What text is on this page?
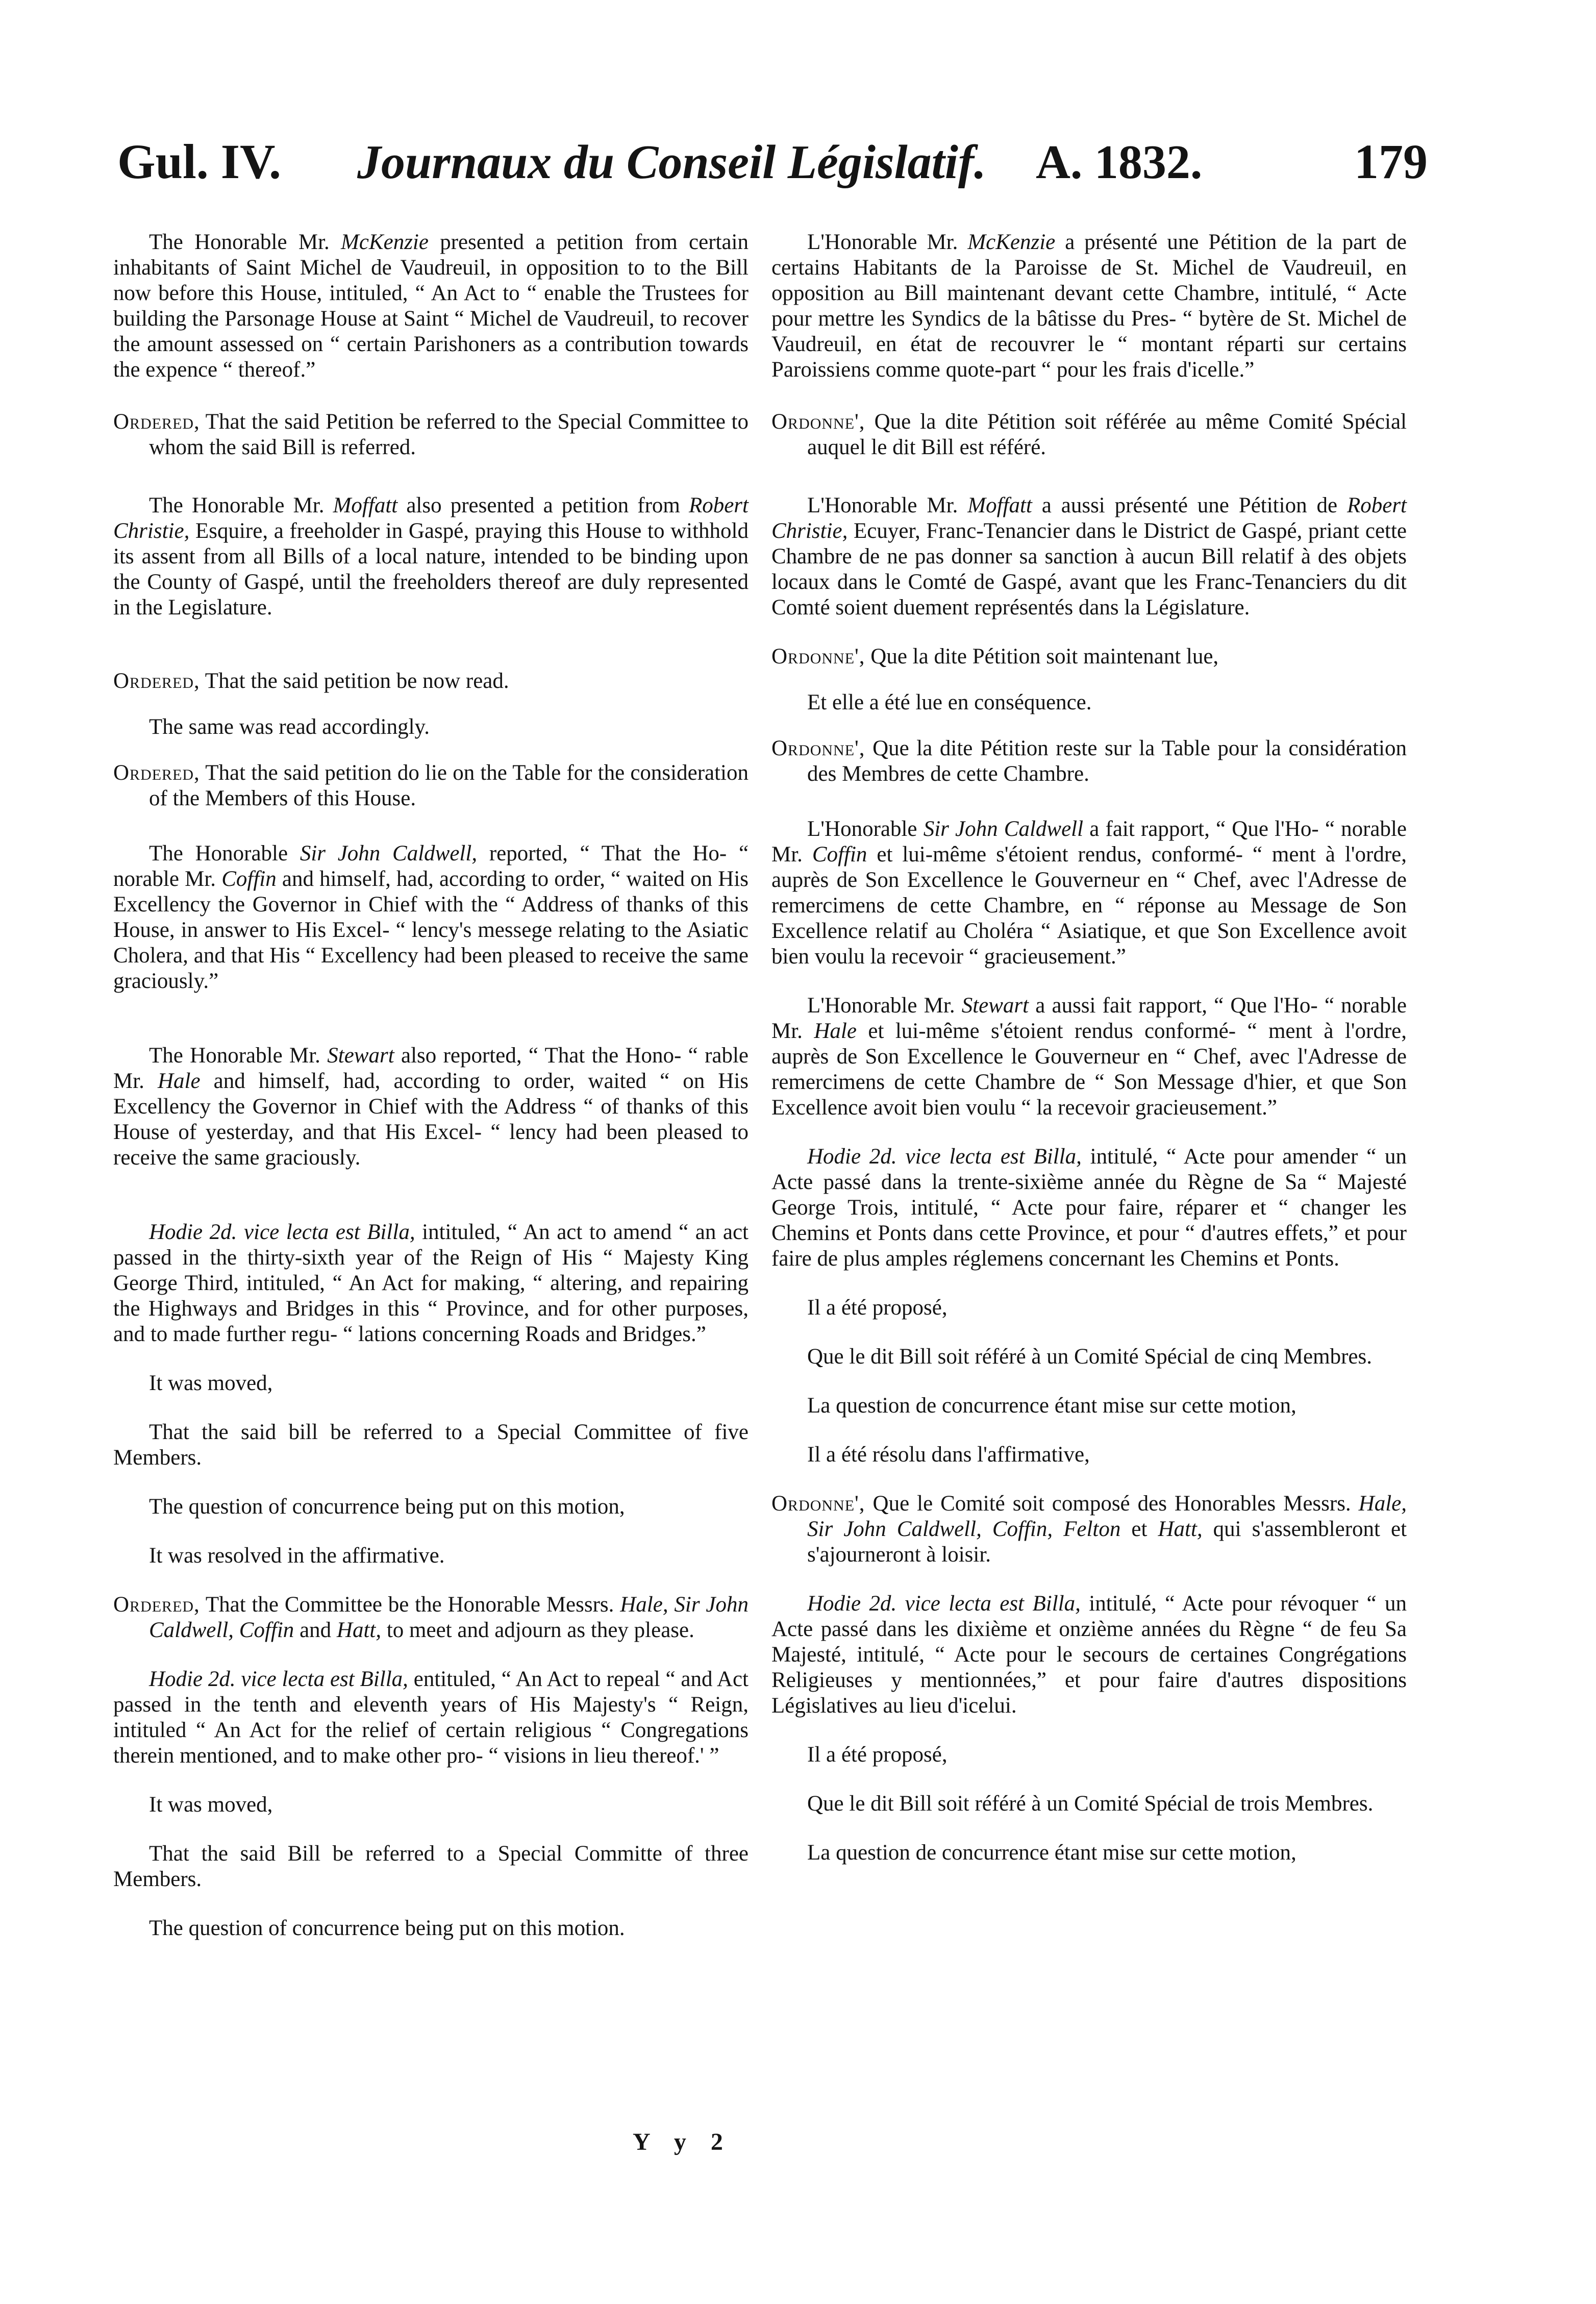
Gul. IV. Journaux du Conseil Législatif. A. 1832.	179

The Honorable Mr. McKenzie presented a petition from certain inhabitants of Saint Michel de Vaudreuil, in opposition to to the Bill now before this House, intituled, “ An Act to “ enable the Trustees for building the Parsonage House at Saint “ Michel de Vaudreuil, to recover the amount assessed on “ certain Parishoners as a contribution towards the expence “ thereof.”

Ordered, That the said Petition be referred to the Special Committee to whom the said Bill is referred.

The Honorable Mr. Moffatt also presented a petition from Robert Christie, Esquire, a freeholder in Gaspé, praying this House to withhold its assent from all Bills of a local nature, intended to be binding upon the County of Gaspé, until the freeholders thereof are duly represented in the Legislature.

Ordered, That the said petition be now read.

The same was read accordingly.

Ordered, That the said petition do lie on the Table for the consideration of the Members of this House.

The Honorable Sir John Caldwell, reported, “ That the Ho- “ norable Mr. Coffin and himself, had, according to order, “ waited on His Excellency the Governor in Chief with the “ Address of thanks of this House, in answer to His Excel- “ lency's messege relating to the Asiatic Cholera, and that His “ Excellency had been pleased to receive the same graciously.”

The Honorable Mr. Stewart also reported, “ That the Hono- “ rable Mr. Hale and himself, had, according to order, waited “ on His Excellency the Governor in Chief with the Address “ of thanks of this House of yesterday, and that His Excel- “ lency had been pleased to receive the same graciously.

Hodie 2d. vice lecta est Billa, intituled, “ An act to amend “ an act passed in the thirty-sixth year of the Reign of His “ Majesty King George Third, intituled, “ An Act for making, “ altering, and repairing the Highways and Bridges in this “ Province, and for other purposes, and to made further regu- “ lations concerning Roads and Bridges.”

It was moved,

That the said bill be referred to a Special Committee of five Members.

The question of concurrence being put on this motion,

It was resolved in the affirmative.

Ordered, That the Committee be the Honorable Messrs. Hale, Sir John Caldwell, Coffin and Hatt, to meet and adjourn as they please.

Hodie 2d. vice lecta est Billa, entituled, “ An Act to repeal “ and Act passed in the tenth and eleventh years of His Majesty's “ Reign, intituled “ An Act for the relief of certain religious “ Congregations therein mentioned, and to make other pro- “ visions in lieu thereof.' ”

It was moved,

That the said Bill be referred to a Special Committe of three Members.

The question of concurrence being put on this motion.

L'Honorable Mr. McKenzie a présenté une Pétition de la part de certains Habitants de la Paroisse de St. Michel de Vaudreuil, en opposition au Bill maintenant devant cette Chambre, intitulé, “ Acte pour mettre les Syndics de la bâtisse du Pres- “ bytère de St. Michel de Vaudreuil, en état de recouvrer le “ montant réparti sur certains Paroissiens comme quote-part “ pour les frais d'icelle.”

Ordonne', Que la dite Pétition soit référée au même Comité Spécial auquel le dit Bill est référé.

L'Honorable Mr. Moffatt a aussi présenté une Pétition de Robert Christie, Ecuyer, Franc-Tenancier dans le District de Gaspé, priant cette Chambre de ne pas donner sa sanction à aucun Bill relatif à des objets locaux dans le Comté de Gaspé, avant que les Franc-Tenanciers du dit Comté soient duement représentés dans la Législature.

Ordonne', Que la dite Pétition soit maintenant lue,

Et elle a été lue en conséquence.

Ordonne', Que la dite Pétition reste sur la Table pour la considération des Membres de cette Chambre.

L'Honorable Sir John Caldwell a fait rapport, “ Que l'Ho- “ norable Mr. Coffin et lui-même s'étoient rendus, conformé- “ ment à l'ordre, auprès de Son Excellence le Gouverneur en “ Chef, avec l'Adresse de remercimens de cette Chambre, en “ réponse au Message de Son Excellence relatif au Choléra “ Asiatique, et que Son Excellence avoit bien voulu la recevoir “ gracieusement.”

L'Honorable Mr. Stewart a aussi fait rapport, “ Que l'Ho- “ norable Mr. Hale et lui-même s'étoient rendus conformé- “ ment à l'ordre, auprès de Son Excellence le Gouverneur en “ Chef, avec l'Adresse de remercimens de cette Chambre de “ Son Message d'hier, et que Son Excellence avoit bien voulu “ la recevoir gracieusement.”

Hodie 2d. vice lecta est Billa, intitulé, “ Acte pour amender “ un Acte passé dans la trente-sixième année du Règne de Sa “ Majesté George Trois, intitulé, “ Acte pour faire, réparer et “ changer les Chemins et Ponts dans cette Province, et pour “ d'autres effets,” et pour faire de plus amples réglemens concernant les Chemins et Ponts.

Il a été proposé,

Que le dit Bill soit référé à un Comité Spécial de cinq Membres.

La question de concurrence étant mise sur cette motion,

Il a été résolu dans l'affirmative,

Ordonne', Que le Comité soit composé des Honorables Messrs. Hale, Sir John Caldwell, Coffin, Felton et Hatt, qui s'assembleront et s'ajourneront à loisir.

Hodie 2d. vice lecta est Billa, intitulé, “ Acte pour révoquer “ un Acte passé dans les dixième et onzième années du Règne “ de feu Sa Majesté, intitulé, “ Acte pour le secours de certaines Congrégations Religieuses y mentionnées,” et pour faire d'autres dispositions Législatives au lieu d'icelui.

Il a été proposé,

Que le dit Bill soit référé à un Comité Spécial de trois Membres.

La question de concurrence étant mise sur cette motion,

Y y 2
